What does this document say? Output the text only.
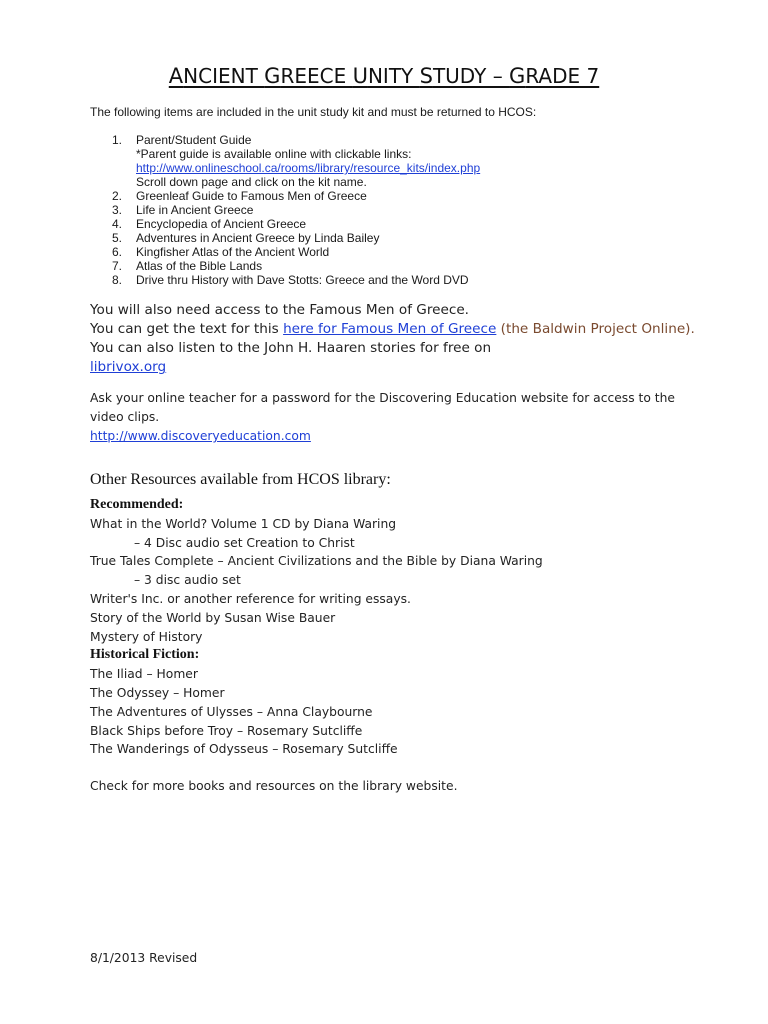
ANCIENT GREECE UNITY STUDY – GRADE 7
The following items are included in the unit study kit and must be returned to HCOS:
1. Parent/Student Guide
*Parent guide is available online with clickable links: http://www.onlineschool.ca/rooms/library/resource_kits/index.php
Scroll down page and click on the kit name.
2. Greenleaf Guide to Famous Men of Greece
3. Life in Ancient Greece
4. Encyclopedia of Ancient Greece
5. Adventures in Ancient Greece by Linda Bailey
6. Kingfisher Atlas of the Ancient World
7. Atlas of the Bible Lands
8. Drive thru History with Dave Stotts: Greece and the Word DVD

You will also need access to the Famous Men of Greece.

You can get the text for this here for Famous Men of Greece (the Baldwin Project Online). You can also listen to the John H. Haaren stories for free on

librivox.org

Ask your online teacher for a password for the Discovering Education website for access to the video clips.

http://www.discoveryeducation.com

Other Resources available from HCOS library:
Recommended:
What in the World? Volume 1 CD by Diana Waring
– 4 Disc audio set Creation to Christ
True Tales Complete – Ancient Civilizations and the Bible by Diana Waring
– 3 disc audio set
Writer's Inc. or another reference for writing essays.
Story of the World by Susan Wise Bauer
Mystery of History
Historical Fiction:
The Iliad – Homer
The Odyssey – Homer
The Adventures of Ulysses – Anna Claybourne
Black Ships before Troy – Rosemary Sutcliffe
The Wanderings of Odysseus – Rosemary Sutcliffe
Check for more books and resources on the library website.
8/1/2013 Revised
